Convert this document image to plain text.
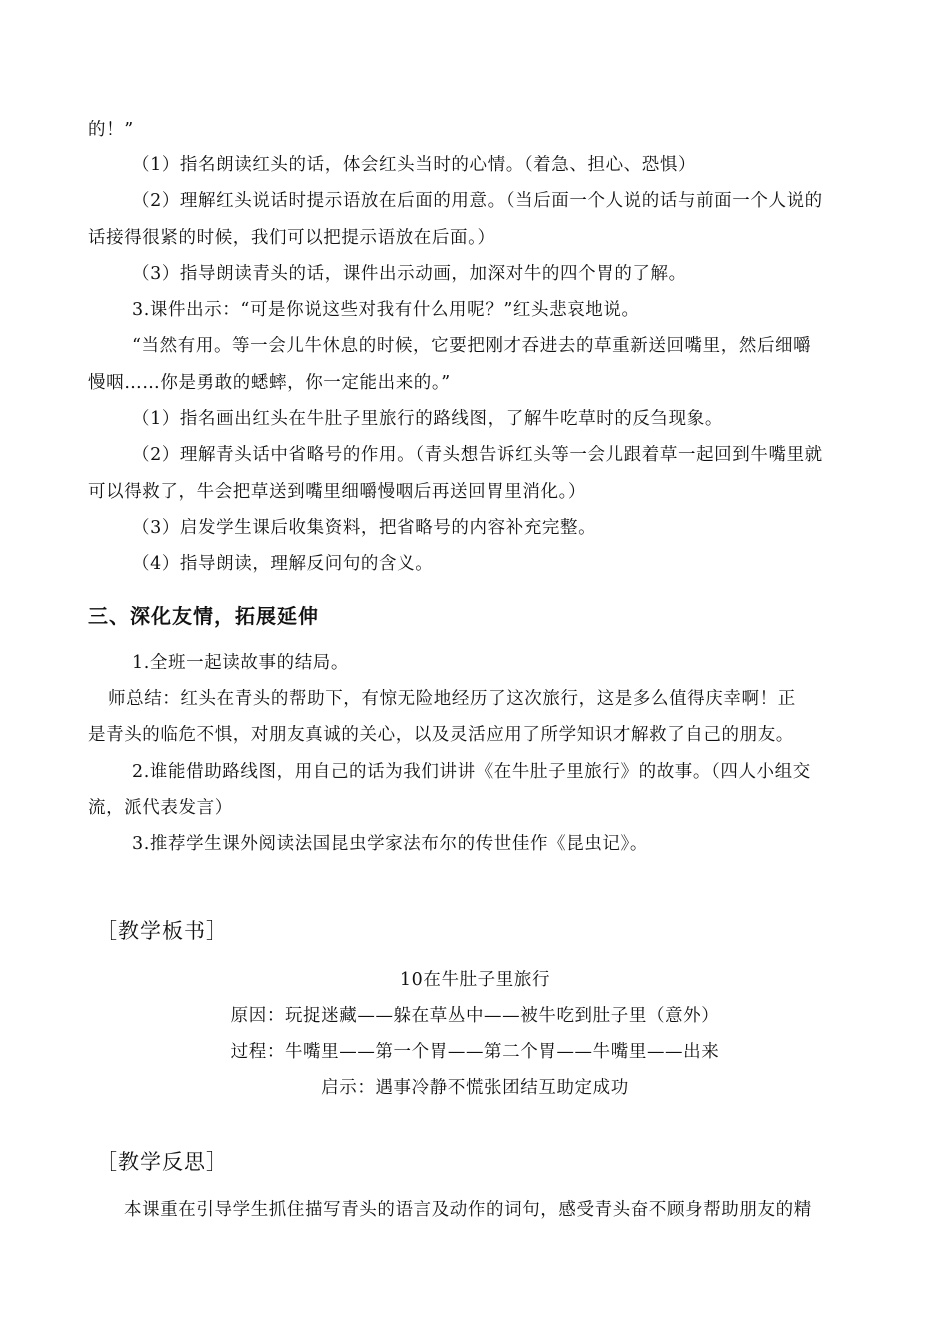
的！”
（1）指名朗读红头的话，体会红头当时的心情。（着急、担心、恐惧）
（2）理解红头说话时提示语放在后面的用意。（当后面一个人说的话与前面一个人说的
话接得很紧的时候，我们可以把提示语放在后面。）
（3）指导朗读青头的话，课件出示动画，加深对牛的四个胃的了解。
3.课件出示：“可是你说这些对我有什么用呢？”红头悲哀地说。
“当然有用。等一会儿牛休息的时候，它要把刚才吞进去的草重新送回嘴里，然后细嚼
慢咽……你是勇敢的蟋蟀，你一定能出来的。”
（1）指名画出红头在牛肚子里旅行的路线图，了解牛吃草时的反刍现象。
（2）理解青头话中省略号的作用。（青头想告诉红头等一会儿跟着草一起回到牛嘴里就
可以得救了，牛会把草送到嘴里细嚼慢咽后再送回胃里消化。）
（3）启发学生课后收集资料，把省略号的内容补充完整。
（4）指导朗读，理解反问句的含义。
三、深化友情，拓展延伸
1.全班一起读故事的结局。
师总结：红头在青头的帮助下，有惊无险地经历了这次旅行，这是多么值得庆幸啊！正
是青头的临危不惧，对朋友真诚的关心，以及灵活应用了所学知识才解救了自己的朋友。
2.谁能借助路线图，用自己的话为我们讲讲《在牛肚子里旅行》的故事。（四人小组交
流，派代表发言）
3.推荐学生课外阅读法国昆虫学家法布尔的传世佳作《昆虫记》。
［教学板书］
10在牛肚子里旅行
原因：玩捉迷藏——躲在草丛中——被牛吃到肚子里（意外）
过程：牛嘴里——第一个胃——第二个胃——牛嘴里——出来
启示：遇事冷静不慌张团结互助定成功
［教学反思］
本课重在引导学生抓住描写青头的语言及动作的词句，感受青头奋不顾身帮助朋友的精
